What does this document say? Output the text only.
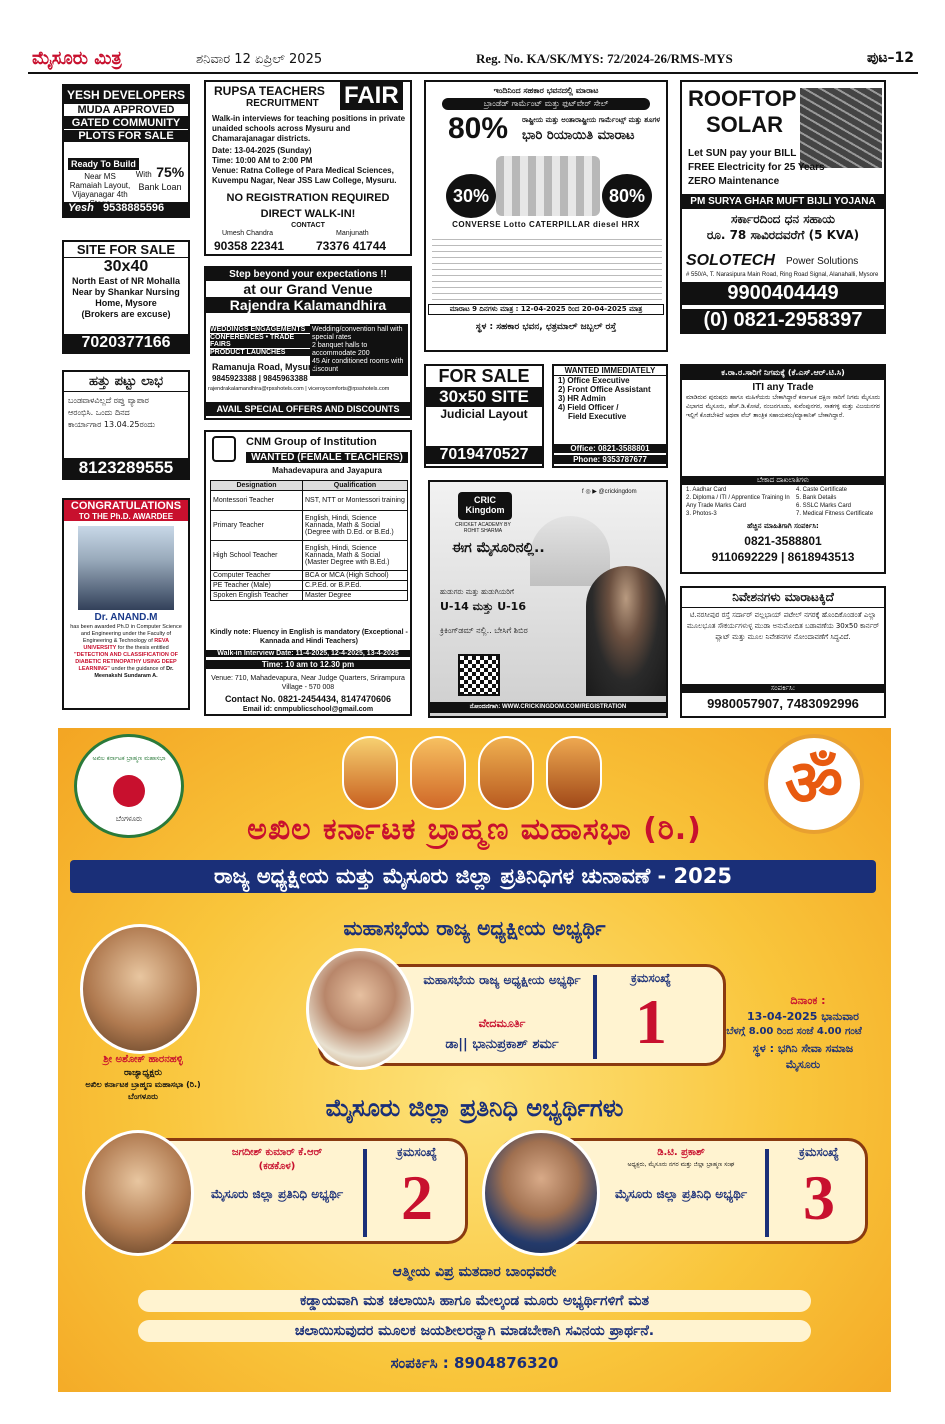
ಮೈಸೂರು ಮಿತ್ರ	ಶನಿವಾರ 12 ಏಪ್ರಿಲ್ 2025	Reg. No. KA/SK/MYS: 72/2024-26/RMS-MYS	ಪುಟ–12
YESH DEVELOPERS
MUDA APPROVED
GATED COMMUNITY
PLOTS FOR SALE
Ready To Build
Near MS Ramaiah Layout, Vijayanagar 4th
With 75%
Bank Loan
Yesh 9538885596
RUPSA TEACHERS
RECRUITMENT FAIR
Walk-in interviews for teaching positions in private unaided schools across Mysuru and Chamarajanagar districts.
Date: 13-04-2025 (Sunday)
Time: 10:00 AM to 2:00 PM
Venue: Ratna College of Para Medical Sciences, Kuvempu Nagar, Near JSS Law College, Mysuru.
NO REGISTRATION REQUIRED
DIRECT WALK-IN!
CONTACT
Umesh Chandra	Manjunath
90358 22341	73376 41744
ಇಂದಿನಿಂದ ಸಹಕಾರ ಭವನದಲ್ಲಿ ಮಾರಾಟ
ಬ್ರಾಂಡೆಡ್ ಗಾರ್ಮೆಂಟ್ ಮತ್ತು ಫುಟ್‌ವೇರ್ ಸೇಲ್
80% ರಾಷ್ಟ್ರೀಯ ಮತ್ತು ಅಂತಾರಾಷ್ಟ್ರೀಯ ಗಾರ್ಮೆಂಟ್ಸ್ ಮತ್ತು ಶೂಗಳ
ಭಾರಿ ರಿಯಾಯಿತಿ ಮಾರಾಟ
30%	80%
CONVERSE Lotto CATERPILLAR diesel HRX
ಮಾರಾಟ 9 ದಿನಗಳು ಮಾತ್ರ : 12-04-2025 ರಿಂದ 20-04-2025 ಮಾತ್ರ
ಸ್ಥಳ : ಸಹಕಾರ ಭವನ, ಛತ್ರಮಾಲ್ ಜಬ್ಬಲ್ ರಸ್ತೆ
ROOFTOP
SOLAR
Let SUN pay your BILL
FREE Electricity for 25 Years
ZERO Maintenance
PM SURYA GHAR MUFT BIJLI YOJANA
ಸರ್ಕಾರದಿಂದ ಧನ ಸಹಾಯ
ರೂ. 78 ಸಾವಿರದವರೆಗೆ (5 KVA)
SOLOTECH Power Solutions
# 550/A, T. Narasipura Main Road, Ring Road Signal, Alanahalli, Mysore
9900404449
(0) 0821-2958397
SITE FOR SALE
30x40
North East of NR Mohalla Near by Shankar Nursing Home, Mysore
(Brokers are excuse)
7020377166
Step beyond your expectations !!
at our Grand Venue
Rajendra Kalamandhira
WEDDINGS ENGAGEMENTS
CONFERENCES • TRADE FAIRS
PRODUCT LAUNCHES
Wedding/convention hall with special rates
2 banquet halls to accommodate 200
45 Air conditioned rooms with discount
Ramanuja Road, Mysuru
9845923388 | 9845963388
rajendrakalamandhira@rpsshotels.com | viceroycomforts@rpsshotels.com
AVAIL SPECIAL OFFERS AND DISCOUNTS
ಹತ್ತು ಪಟ್ಟು ಲಾಭ
ಬಂಡವಾಳವಿಲ್ಲದೆ ರಪ್ತು ವ್ಯಾಪಾರ
ಆರಂಭಿಸಿ. ಒಂದು ದಿನದ
ಕಾರ್ಯಾಗಾರ 13.04.25ರಂದು
8123289555
FOR SALE
30x50 SITE
Judicial Layout
7019470527
WANTED IMMEDIATELY
1) Office Executive
2) Front Office Assistant
3) HR Admin
4) Field Officer /
Field Executive
Office: 0821-3588801
Phone: 9353787677
ಕ.ರಾ.ರ.ಸಾರಿಗೆ ನಿಗಮಕ್ಕೆ (ಕೆ.ಎಸ್.ಆರ್.ಟಿ.ಸಿ)
ITI any Trade
ಮಾಡಿರುವ ಪುರುಷರು ಹಾಗೂ ಮಹಿಳೆಯರು ಬೇಕಾಗಿದ್ದಾರೆ ಕರ್ನಾಟಕ ದಕ್ಷಿಣ ಸಾರಿಗೆ ನಿಗಮ ಮೈಸೂರು ವಿಭಾಗದ ಮೈಸೂರು, ಹೆಚ್.ಡಿ.ಕೋಟೆ, ನಂಜನಗೂಡು, ಕುವೆಂಪುನಗರ, ಸಾತಗಳ್ಳಿ ಮತ್ತು ವಿಜಯನಗರ ಇಲ್ಲಿಗೆ ಕೊಡಬೇಕಿದೆ ಅಥವಾ ವೆಬ್ ತಾಂತ್ರಿಕ ಸಹಾಯಕರು/ಮ್ಯಾಕಾನಿಕ್ ಬೇಕಾಗಿದ್ದಾರೆ.
ಬೇಕಾದ ದಾಖಲಾತಿಗಳು
1. Aadhar Card
2. Diploma / ITI / Apprentice Training In Any Trade Marks Card
3. Photos-3
4. Caste Certificate
5. Bank Details
6. SSLC Marks Card
7. Medical Fitness Certificate
ಹೆಚ್ಚಿನ ಮಾಹಿತಿಗಾಗಿ ಸಂಪರ್ಕಿಸಿ:
0821-3588801
9110692229 | 8618943513
CONGRATULATIONS
TO THE Ph.D. AWARDEE
Dr. ANAND.M
has been awarded Ph.D in Computer Science and Engineering under the Faculty of Engineering & Technology of REVA UNIVERSITY for the thesis entitled "DETECTION AND CLASSIFICATION OF DIABETIC RETINOPATHY USING DEEP LEARNING" under the guidance of Dr. Meenakshi Sundaram A.
CNM Group of Institution
WANTED (FEMALE TEACHERS)
Mahadevapura and Jayapura
Designation	Qualification
Montessori Teacher	NST, NTT or Montessori training
Primary Teacher	English, Hindi, Science Kannada, Math & Social (Degree with D.Ed. or B.Ed.)
High School Teacher	English, Hindi, Science Kannada, Math & Social (Master Degree with B.Ed.)
Computer Teacher	BCA or MCA (High School)
PE Teacher (Male)	C.P.Ed. or B.P.Ed.
Spoken English Teacher	Master Degree
Kindly note: Fluency in English is mandatory (Exceptional - Kannada and Hindi Teachers)
Walk-in Interview Date: 11-4-2025, 12-4-2025, 13-4-2025
Time: 10 am to 12.30 pm
Venue: 710, Mahadevapura, Near Judge Quarters, Srirampura Village - 570 008
Contact No. 0821-2454434, 8147470606
Email id: cnmpublicschool@gmail.com
f ◎ ▶ @crickingdom
CRIC Kingdom
CRICKET ACADEMY BY ROHIT SHARMA
ಈಗ ಮೈಸೂರಿನಲ್ಲಿ..
ಹುಡುಗರು ಮತ್ತು ಹುಡುಗಿಯರಿಗೆ
U-14 ಮತ್ತು U-16
ಕ್ರಿಕಿಂಗ್‌ಡಮ್ ನಲ್ಲಿ.. ಬೇಸಿಗೆ ಶಿಬಿರ
ನೋಂದಣಿಗಾಗಿ: WWW.CRICKINGDOM.COM/REGISTRATION
ನಿವೇಶನಗಳು ಮಾರಾಟಕ್ಕಿದೆ
ಟಿ.ನರಸೀಪುರ ರಸ್ತೆ ಸರ್ದಾರ್ ವಲ್ಲಭಾಯ್ ಪಟೇಲ್ ನಗರಕ್ಕೆ ಹೊಂದಿಕೊಂಡಂತೆ ಎಲ್ಲಾ ಮೂಲಭೂತ ಸೌಕರ್ಯಗಳುಳ್ಳ ಮುಡಾ ಅನುಮೋದಿತ ಬಡಾವಣೆಯ 30x50 ಕಾರ್ನರ್ ಪ್ಲಾಟ್ ಮತ್ತು ಮೂಲ ನಿವೇಶನಗಳ ನೋಂದಾವಣೆಗೆ ಸಿದ್ಧವಿದೆ.
ಸಂಪರ್ಕಿಸಿ:
9980057907, 7483092996
ಅಖಿಲ ಕರ್ನಾಟಕ ಬ್ರಾಹ್ಮಣ ಮಹಾಸಭಾ
ಬೆಂಗಳೂರು	ॐ
ಅಖಿಲ ಕರ್ನಾಟಕ ಬ್ರಾಹ್ಮಣ ಮಹಾಸಭಾ (ರಿ.)
ರಾಜ್ಯ ಅಧ್ಯಕ್ಷೀಯ ಮತ್ತು ಮೈಸೂರು ಜಿಲ್ಲಾ ಪ್ರತಿನಿಧಿಗಳ ಚುನಾವಣೆ - 2025
ಮಹಾಸಭೆಯ ರಾಜ್ಯ ಅಧ್ಯಕ್ಷೀಯ ಅಭ್ಯರ್ಥಿ
ಶ್ರೀ ಅಶೋಕ್ ಹಾರನಹಳ್ಳಿ
ರಾಜ್ಯಾಧ್ಯಕ್ಷರು
ಅಖಿಲ ಕರ್ನಾಟಕ ಬ್ರಾಹ್ಮಣ ಮಹಾಸಭಾ (ರಿ.)
ಬೆಂಗಳೂರು
ಮಹಾಸಭೆಯ ರಾಜ್ಯ ಅಧ್ಯಕ್ಷೀಯ ಅಭ್ಯರ್ಥಿ
ವೇದಮೂರ್ತಿ
ಡಾ|| ಭಾನುಪ್ರಕಾಶ್ ಶರ್ಮ
ಕ್ರಮಸಂಖ್ಯೆ
1	ದಿನಾಂಕ :
13-04-2025 ಭಾನುವಾರ
ಬೆಳಗ್ಗೆ 8.00 ರಿಂದ ಸಂಜೆ 4.00 ಗಂಟೆ
ಸ್ಥಳ : ಭಗಿನಿ ಸೇವಾ ಸಮಾಜ
ಮೈಸೂರು
ಮೈಸೂರು ಜಿಲ್ಲಾ ಪ್ರತಿನಿಧಿ ಅಭ್ಯರ್ಥಿಗಳು
ಜಗದೀಶ್ ಕುಮಾರ್ ಕೆ.ಆರ್
(ಕಡಕೊಳ)
ಮೈಸೂರು ಜಿಲ್ಲಾ ಪ್ರತಿನಿಧಿ ಅಭ್ಯರ್ಥಿ
ಕ್ರಮಸಂಖ್ಯೆ
2
ಡಿ.ಟಿ. ಪ್ರಕಾಶ್
ಅಧ್ಯಕ್ಷರು, ಮೈಸೂರು ನಗರ ಮತ್ತು ಜಿಲ್ಲಾ ಬ್ರಾಹ್ಮಣ ಸಂಘ
ಮೈಸೂರು ಜಿಲ್ಲಾ ಪ್ರತಿನಿಧಿ ಅಭ್ಯರ್ಥಿ
ಕ್ರಮಸಂಖ್ಯೆ
3
ಆತ್ಮೀಯ ವಿಪ್ರ ಮತದಾರ ಬಾಂಧವರೇ
ಕಡ್ಡಾಯವಾಗಿ ಮತ ಚಲಾಯಿಸಿ ಹಾಗೂ ಮೇಲ್ಕಂಡ ಮೂರು ಅಭ್ಯರ್ಥಿಗಳಿಗೆ ಮತ
ಚಲಾಯಿಸುವುದರ ಮೂಲಕ ಜಯಶೀಲರನ್ನಾಗಿ ಮಾಡಬೇಕಾಗಿ ಸವಿನಯ ಪ್ರಾರ್ಥನೆ.
ಸಂಪರ್ಕಿಸಿ : 8904876320
